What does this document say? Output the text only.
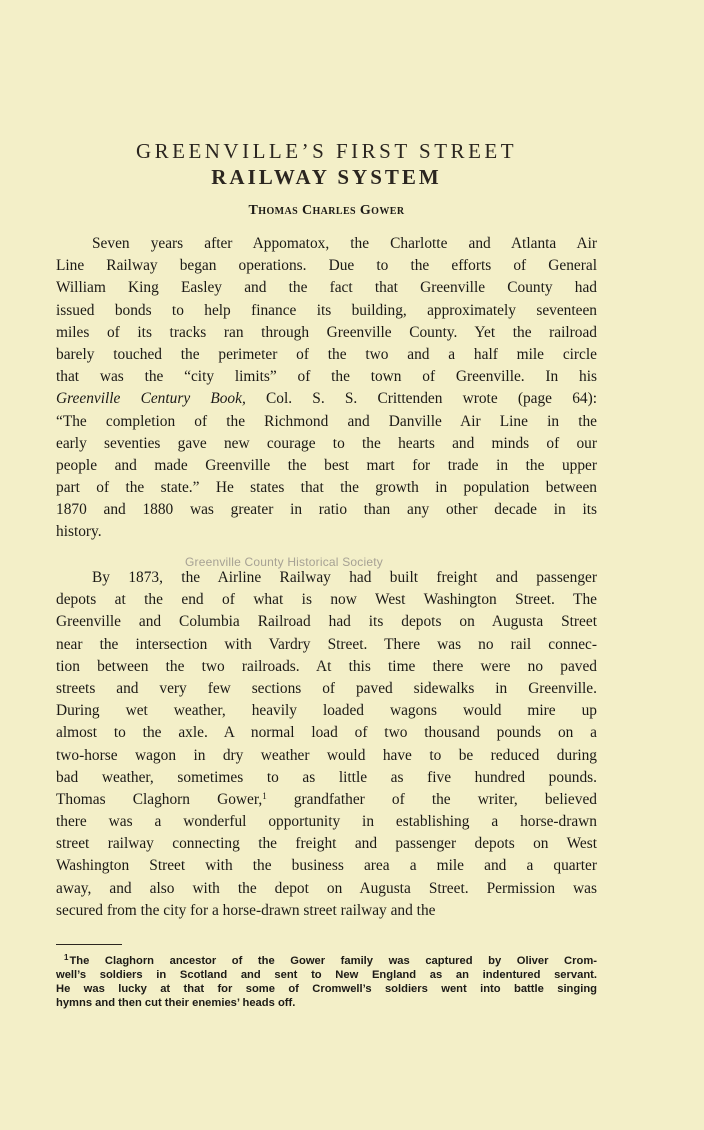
GREENVILLE’S FIRST STREET
RAILWAY SYSTEM
Thomas Charles Gower
Seven years after Appomatox, the Charlotte and Atlanta Air
Line Railway began operations. Due to the efforts of General
William King Easley and the fact that Greenville County had
issued bonds to help finance its building, approximately seventeen
miles of its tracks ran through Greenville County. Yet the railroad
barely touched the perimeter of the two and a half mile circle
that was the “city limits” of the town of Greenville. In his
Greenville Century Book, Col. S. S. Crittenden wrote (page 64):
“The completion of the Richmond and Danville Air Line in the
early seventies gave new courage to the hearts and minds of our
people and made Greenville the best mart for trade in the upper
part of the state.” He states that the growth in population between
1870 and 1880 was greater in ratio than any other decade in its
history.
By 1873, the Airline Railway had built freight and passenger
depots at the end of what is now West Washington Street. The
Greenville and Columbia Railroad had its depots on Augusta Street
near the intersection with Vardry Street. There was no rail connec-
tion between the two railroads. At this time there were no paved
streets and very few sections of paved sidewalks in Greenville.
During wet weather, heavily loaded wagons would mire up
almost to the axle. A normal load of two thousand pounds on a
two-horse wagon in dry weather would have to be reduced during
bad weather, sometimes to as little as five hundred pounds.
Thomas Claghorn Gower,$^1$ grandfather of the writer, believed
there was a wonderful opportunity in establishing a horse-drawn
street railway connecting the freight and passenger depots on West
Washington Street with the business area a mile and a quarter
away, and also with the depot on Augusta Street. Permission was
secured from the city for a horse-drawn street railway and the
$^1$The Claghorn ancestor of the Gower family was captured by Oliver Crom-
well’s soldiers in Scotland and sent to New England as an indentured servant.
He was lucky at that for some of Cromwell’s soldiers went into battle singing
hymns and then cut their enemies’ heads off.
Greenville County Historical Society
